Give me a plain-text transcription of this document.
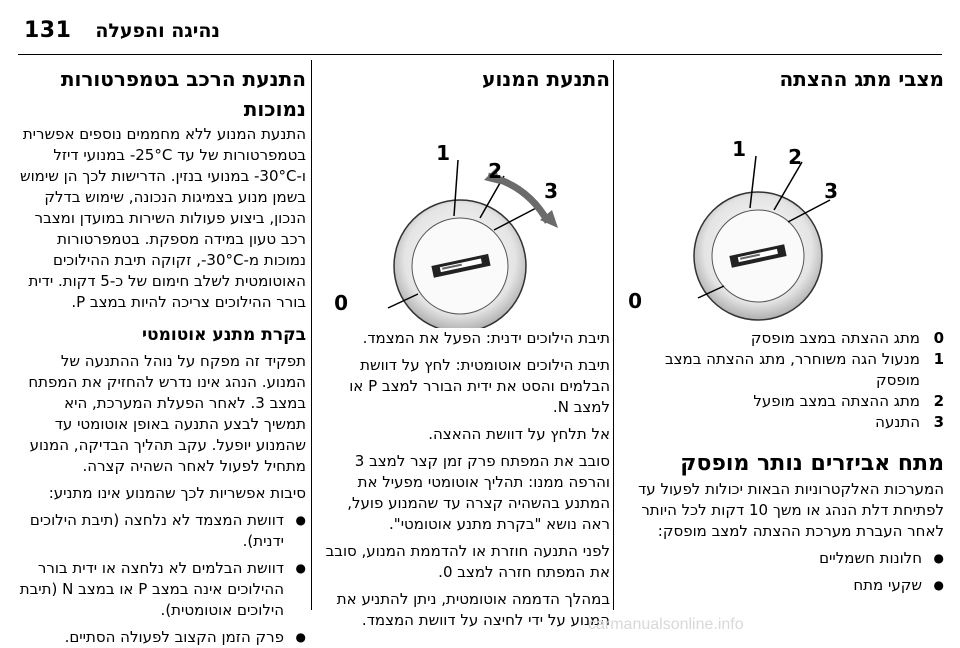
131 נהיגה והפעלה
מצבי מתג ההצתה
1 2
3
0
0
מתג ההצתה במצב מופסק
1
מנעול הגה משוחרר, מתג ההצתה במצב מופסק
2
מתג ההצתה במצב מופעל
3
התנעה
מתח אביזרים נותר מופסק

המערכות האלקטרוניות הבאות יכולות לפעול עד לפתיחת דלת הנהג או משך 10 דקות לכל היותר לאחר העברת מערכת ההצתה למצב מופסק:

● חלונות חשמליים
● שקעי מתח
התנעת המנוע
1
2
3
0

תיבת הילוכים ידנית: הפעל את המצמד.

תיבת הילוכים אוטומטית: לחץ על דוושת הבלמים והסט את ידית הבורר למצב P או למצב N.

אל תלחץ על דוושת ההאצה.

סובב את המפתח פרק זמן קצר למצב 3 והרפה ממנו: תהליך אוטומטי מפעיל את המתנע בהשהיה קצרה עד שהמנוע פועל, ראה נושא "בקרת מתנע אוטומטי".

לפני התנעה חוזרת או להדממת המנוע, סובב את המפתח חזרה למצב 0.

במהלך הדממה אוטומטית, ניתן להתניע את המנוע על ידי לחיצה על דוושת המצמד.

התנעת הרכב בטמפרטורות נמוכות

התנעת המנוע ללא מחממים נוספים אפשרית בטמפרטורות של עד ‎-25°C‎ במנועי דיזל ו-‎-30°C‎ במנועי בנזין. הדרישות לכך הן שימוש בשמן מנוע בצמיגות הנכונה, שימוש בדלק הנכון, ביצוע פעולות השירות במועדן ומצבר רכב טעון במידה מספקת. בטמפרטורות נמוכות מ-‎-30°C‎, זקוקה תיבת ההילוכים האוטומטית לשלב חימום של כ-5 דקות. ידית בורר ההילוכים צריכה להיות במצב P.

בקרת מתנע אוטומטי

תפקיד זה מפקח על נוהל ההתנעה של המנוע. הנהג אינו נדרש להחזיק את המפתח במצב 3. לאחר הפעלת המערכת, היא תמשיך לבצע התנעה באופן אוטומטי עד שהמנוע יופעל. עקב תהליך הבדיקה, המנוע מתחיל לפעול לאחר השהיה קצרה.

סיבות אפשריות לכך שהמנוע אינו מתניע:

● דוושת המצמד לא נלחצה (תיבת הילוכים ידנית).
● דוושת הבלמים לא נלחצה או ידית בורר ההילוכים אינה במצב P או במצב N (תיבת הילוכים אוטומטית).
● פרק הזמן הקצוב לפעולה הסתיים.
carmanualsonline.info
